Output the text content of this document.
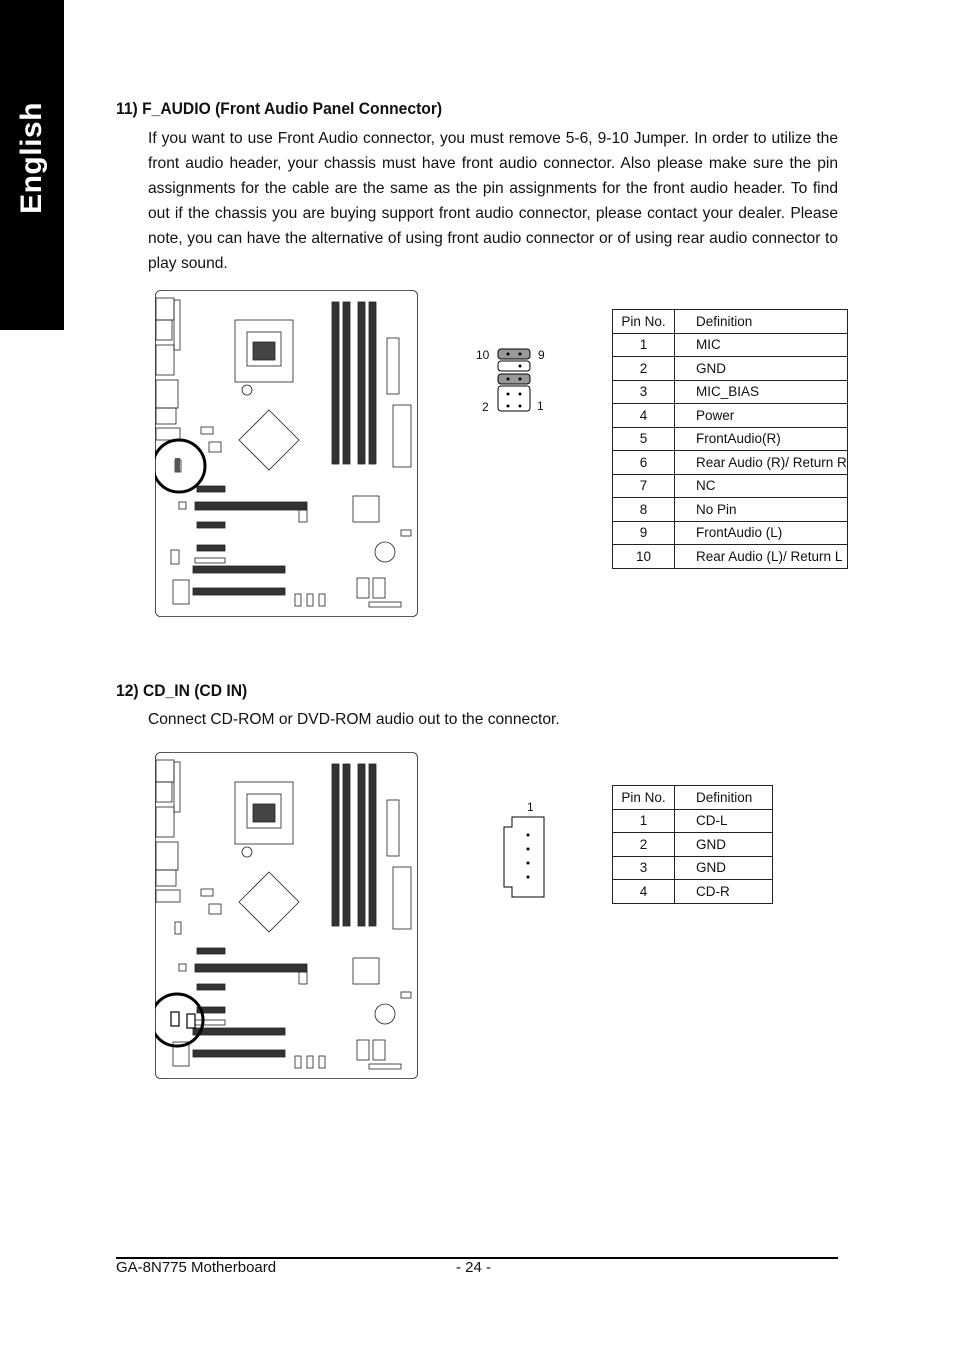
English	11) F_AUDIO (Front Audio Panel Connector)
If you want to use Front Audio connector, you must remove 5-6, 9-10 Jumper. In order to utilize the front audio header, your chassis must have front audio connector. Also please make sure the pin assignments for the cable are the same as the pin assignments for the front audio header. To find out if the chassis you are buying support front audio connector, please contact your dealer. Please note, you can have the alternative of using front audio connector or of using rear audio connector to play sound.
10	9
2	1
Pin No.	Definition
1	MIC
2	GND
3	MIC_BIAS
4	Power
5	FrontAudio(R)
6	Rear Audio (R)/ Return R
7	NC
8	No Pin
9	FrontAudio (L)
10	Rear Audio (L)/ Return L
12) CD_IN (CD IN)
Connect CD-ROM or DVD-ROM audio out to the connector.
1
Pin No.	Definition
1	CD-L
2	GND
3	GND
4	CD-R
GA-8N775 Motherboard	- 24 -
